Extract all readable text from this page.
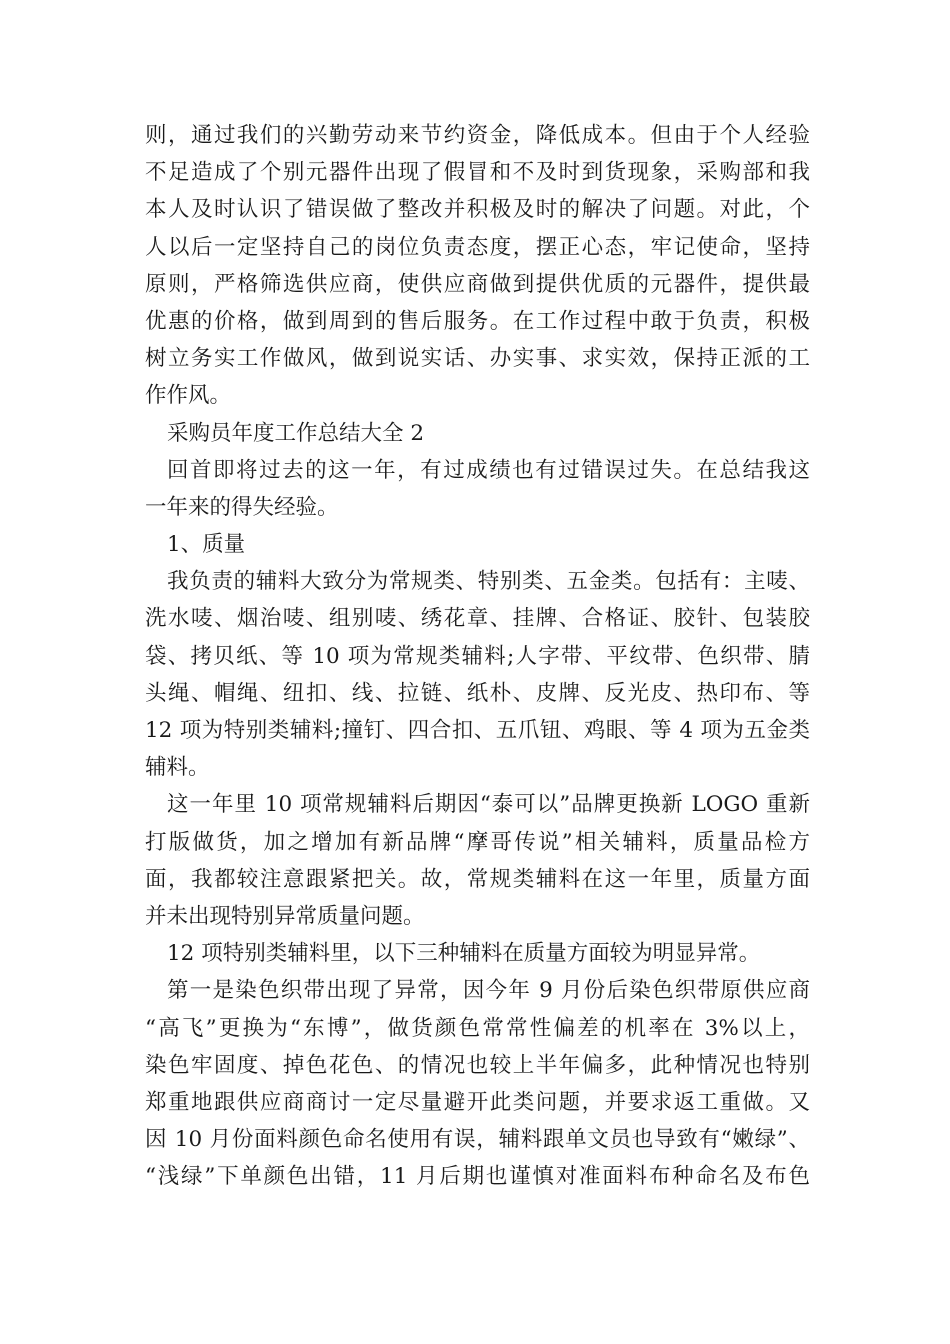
则，通过我们的兴勤劳动来节约资金，降低成本。但由于个人经验
不足造成了个别元器件出现了假冒和不及时到货现象，采购部和我
本人及时认识了错误做了整改并积极及时的解决了问题。对此，个
人以后一定坚持自己的岗位负责态度，摆正心态，牢记使命，坚持
原则，严格筛选供应商，使供应商做到提供优质的元器件，提供最
优惠的价格，做到周到的售后服务。在工作过程中敢于负责，积极
树立务实工作做风，做到说实话、办实事、求实效，保持正派的工
作作风。
采购员年度工作总结大全 2
回首即将过去的这一年，有过成绩也有过错误过失。在总结我这
一年来的得失经验。
1、质量
我负责的辅料大致分为常规类、特别类、五金类。包括有：主唛、
洗水唛、烟治唛、组别唛、绣花章、挂牌、合格证、胶针、包装胶
袋、拷贝纸、等 10 项为常规类辅料;人字带、平纹带、色织带、腈
头绳、帽绳、纽扣、线、拉链、纸朴、皮牌、反光皮、热印布、等
12 项为特别类辅料;撞钉、四合扣、五爪钮、鸡眼、等 4 项为五金类
辅料。
这一年里 10 项常规辅料后期因“泰可以”品牌更换新 LOGO 重新
打版做货，加之增加有新品牌“摩哥传说”相关辅料，质量品检方
面，我都较注意跟紧把关。故，常规类辅料在这一年里，质量方面
并未出现特别异常质量问题。
12 项特别类辅料里，以下三种辅料在质量方面较为明显异常。
第一是染色织带出现了异常，因今年 9 月份后染色织带原供应商
“高飞”更换为“东博”，做货颜色常常性偏差的机率在 3%以上，
染色牢固度、掉色花色、的情况也较上半年偏多，此种情况也特别
郑重地跟供应商商讨一定尽量避开此类问题，并要求返工重做。又
因 10 月份面料颜色命名使用有误，辅料跟单文员也导致有“嫩绿”、
“浅绿”下单颜色出错，11 月后期也谨慎对准面料布种命名及布色
